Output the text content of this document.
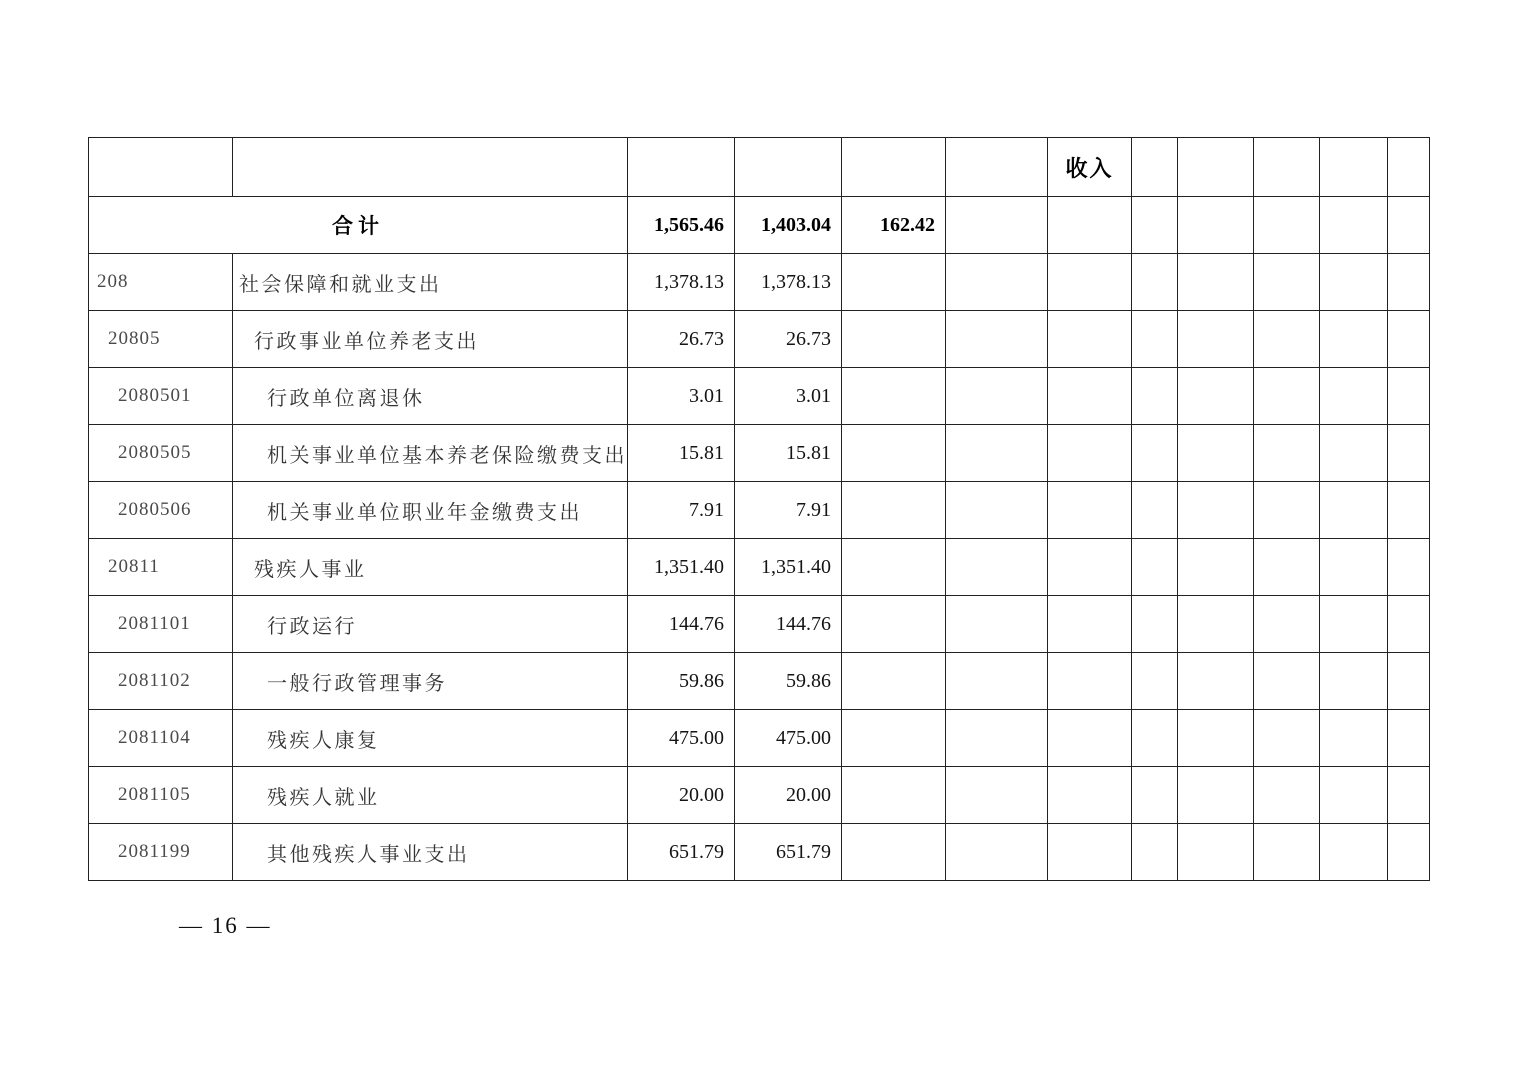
						收入					
合计		1,565.46	1,403.04	162.42							
208	社会保障和就业支出	1,378.13	1,378.13								
20805	行政事业单位养老支出	26.73	26.73								
2080501	行政单位离退休	3.01	3.01								
2080505	机关事业单位基本养老保险缴费支出	15.81	15.81								
2080506	机关事业单位职业年金缴费支出	7.91	7.91								
20811	残疾人事业	1,351.40	1,351.40								
2081101	行政运行	144.76	144.76								
2081102	一般行政管理事务	59.86	59.86								
2081104	残疾人康复	475.00	475.00								
2081105	残疾人就业	20.00	20.00								
2081199	其他残疾人事业支出	651.79	651.79								
— 16 —
